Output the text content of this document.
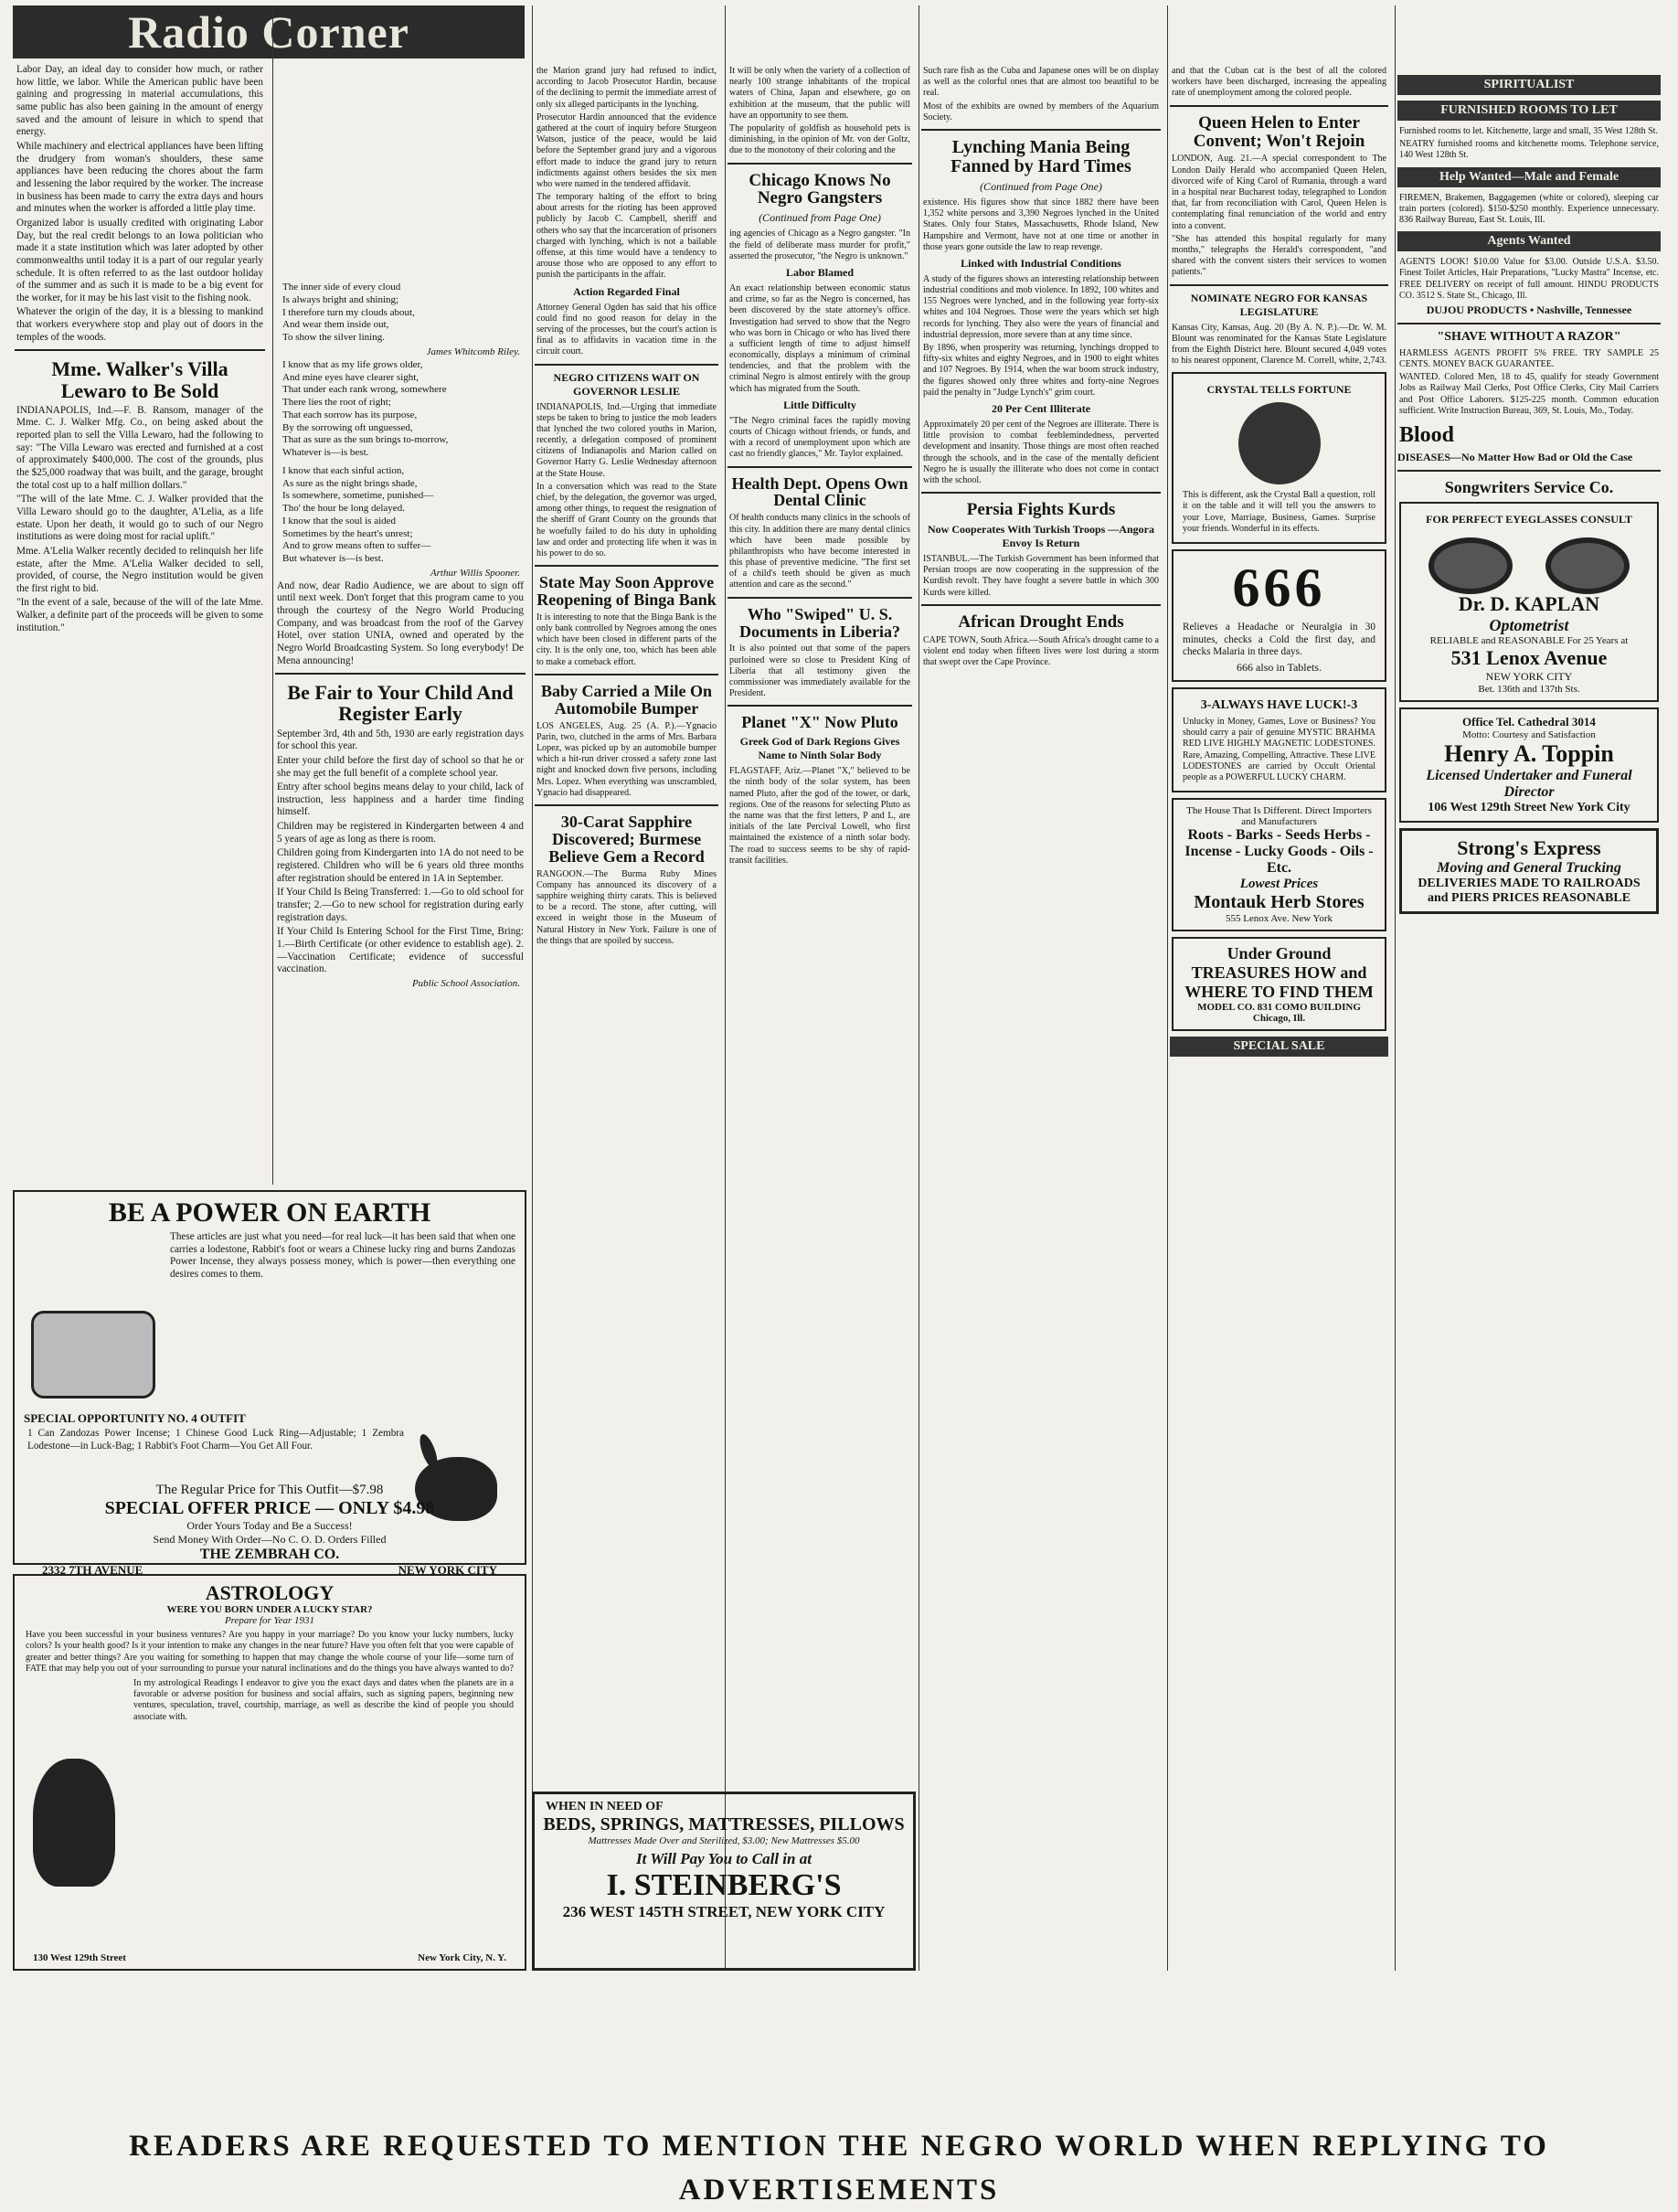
Radio Corner

Labor Day, an ideal day to consider how much, or rather how little, we labor. While the American public have been gaining and progressing in material accumulations, this same public has also been gaining in the amount of energy saved and the amount of leisure in which to spend that energy.

While machinery and electrical appliances have been lifting the drudgery from woman's shoulders, these same appliances have been reducing the chores about the farm and lessening the labor required by the worker. The increase in business has been made to carry the extra days and hours and minutes when the worker is afforded a little play time.

Organized labor is usually credited with originating Labor Day, but the real credit belongs to an Iowa politician who made it a state institution which was later adopted by other commonwealths until today it is a part of our regular yearly schedule. It is often referred to as the last outdoor holiday of the summer and as such it is made to be a big event for the worker, for it may be his last visit to the fishing nook.

Whatever the origin of the day, it is a blessing to mankind that workers everywhere stop and play out of doors in the temples of the woods.

Mme. Walker's Villa Lewaro to Be Sold

INDIANAPOLIS, Ind.—F. B. Ransom, manager of the Mme. C. J. Walker Mfg. Co., on being asked about the reported plan to sell the Villa Lewaro, had the following to say: "The Villa Lewaro was erected and furnished at a cost of approximately $400,000. The cost of the grounds, plus the $25,000 roadway that was built, and the garage, brought the total cost up to a half million dollars."

"The will of the late Mme. C. J. Walker provided that the Villa Lewaro should go to the daughter, A'Lelia, as a life estate. Upon her death, it would go to such of our Negro institutions as were doing most for racial uplift."

Mme. A'Lelia Walker recently decided to relinquish her life estate, after the Mme. A'Lelia Walker decided to sell, provided, of course, the Negro institution would be given the first right to bid.

"In the event of a sale, because of the will of the late Mme. Walker, a definite part of the proceeds will be given to some institution."

The inner side of every cloud
Is always bright and shining;
I therefore turn my clouds about,
And wear them inside out,
To show the silver lining.
James Whitcomb Riley.
I know that as my life grows older,
And mine eyes have clearer sight,
That under each rank wrong, somewhere
There lies the root of right;
That each sorrow has its purpose,
By the sorrowing oft unguessed,
That as sure as the sun brings to-morrow,
Whatever is—is best.
I know that each sinful action,
As sure as the night brings shade,
Is somewhere, sometime, punished—
Tho' the hour be long delayed.
I know that the soul is aided
Sometimes by the heart's unrest;
And to grow means often to suffer—
But whatever is—is best.
Arthur Willis Spooner.

And now, dear Radio Audience, we are about to sign off until next week. Don't forget that this program came to you through the courtesy of the Negro World Producing Company, and was broadcast from the roof of the Garvey Hotel, over station UNIA, owned and operated by the Negro World Broadcasting System. So long everybody! De Mena announcing!

Be Fair to Your Child And Register Early

September 3rd, 4th and 5th, 1930 are early registration days for school this year.

Enter your child before the first day of school so that he or she may get the full benefit of a complete school year.

Entry after school begins means delay to your child, lack of instruction, less happiness and a harder time finding himself.

Children may be registered in Kindergarten between 4 and 5 years of age as long as there is room.

Children going from Kindergarten into 1A do not need to be registered. Children who will be 6 years old three months after registration should be entered in 1A in September.

If Your Child Is Being Transferred: 1.—Go to old school for transfer; 2.—Go to new school for registration during early registration days.

If Your Child Is Entering School for the First Time, Bring: 1.—Birth Certificate (or other evidence to establish age). 2.—Vaccination Certificate; evidence of successful vaccination.

Public School Association.

the Marion grand jury had refused to indict, according to Jacob Prosecutor Hardin, because of the declining to permit the immediate arrest of only six alleged participants in the lynching.

Prosecutor Hardin announced that the evidence gathered at the court of inquiry before Sturgeon Watson, justice of the peace, would be laid before the September grand jury and a vigorous effort made to induce the grand jury to return indictments against others besides the six men who were named in the tendered affidavit.

The temporary halting of the effort to bring about arrests for the rioting has been approved publicly by Jacob C. Campbell, sheriff and others who say that the incarceration of prisoners charged with lynching, which is not a bailable offense, at this time would have a tendency to arouse those who are opposed to any effort to punish the participants in the affair.

Action Regarded Final

Attorney General Ogden has said that his office could find no good reason for delay in the serving of the processes, but the court's action is final as to affidavits in vacation time in the circuit court.

NEGRO CITIZENS WAIT ON GOVERNOR LESLIE

INDIANAPOLIS, Ind.—Urging that immediate steps be taken to bring to justice the mob leaders that lynched the two colored youths in Marion, recently, a delegation composed of prominent citizens of Indianapolis and Marion called on Governor Harry G. Leslie Wednesday afternoon at the State House.

In a conversation which was read to the State chief, by the delegation, the governor was urged, among other things, to request the resignation of the sheriff of Grant County on the grounds that he woefully failed to do his duty in upholding law and order and protecting life when it was in his power to do so.

State May Soon Approve Reopening of Binga Bank

It is interesting to note that the Binga Bank is the only bank controlled by Negroes among the ones which have been closed in different parts of the city. It is the only one, too, which has been able to make a comeback effort.

Baby Carried a Mile On Automobile Bumper

LOS ANGELES, Aug. 25 (A. P.).—Ygnacio Parin, two, clutched in the arms of Mrs. Barbara Lopez, was picked up by an automobile bumper which a hit-run driver crossed a safety zone last night and knocked down five persons, including Mrs. Lopez. When everything was unscrambled, Ygnacio had disappeared.

30-Carat Sapphire Discovered; Burmese Believe Gem a Record

RANGOON.—The Burma Ruby Mines Company has announced its discovery of a sapphire weighing thirty carats. This is believed to be a record. The stone, after cutting, will exceed in weight those in the Museum of Natural History in New York. Failure is one of the things that are spoiled by success.

It will be only when the variety of a collection of nearly 100 strange inhabitants of the tropical waters of China, Japan and elsewhere, go on exhibition at the museum, that the public will have an opportunity to see them.

The popularity of goldfish as household pets is diminishing, in the opinion of Mr. von der Goltz, due to the monotony of their coloring and the

Chicago Knows No Negro Gangsters
(Continued from Page One)

ing agencies of Chicago as a Negro gangster. "In the field of deliberate mass murder for profit," asserted the prosecutor, "the Negro is unknown."

Labor Blamed

An exact relationship between economic status and crime, so far as the Negro is concerned, has been discovered by the state attorney's office. Investigation had served to show that the Negro who was born in Chicago or who has lived there a sufficient length of time to adjust himself economically, displays a minimum of criminal tendencies, and that the problem with the criminal Negro is almost entirely with the group which has migrated from the South.

Little Difficulty

"The Negro criminal faces the rapidly moving courts of Chicago without friends, or funds, and with a record of unemployment upon which are cast no friendly glances," Mr. Taylor explained.

Health Dept. Opens Own Dental Clinic

Of health conducts many clinics in the schools of this city. In addition there are many dental clinics which have been made possible by philanthropists who have become interested in this phase of preventive medicine. "The first set of a child's teeth should be given as much attention and care as the second."

Who "Swiped" U. S. Documents in Liberia?

It is also pointed out that some of the papers purloined were so close to President King of Liberia that all testimony given the commissioner was immediately available for the President.

Planet "X" Now Pluto
Greek God of Dark Regions Gives Name to Ninth Solar Body

FLAGSTAFF, Ariz.—Planet "X," believed to be the ninth body of the solar system, has been named Pluto, after the god of the tower, or dark, regions. One of the reasons for selecting Pluto as the name was that the first letters, P and L, are initials of the late Percival Lowell, who first maintained the existence of a ninth solar body. The road to success seems to be shy of rapid-transit facilities.

Such rare fish as the Cuba and Japanese ones will be on display as well as the colorful ones that are almost too beautiful to be real.

Most of the exhibits are owned by members of the Aquarium Society.

Lynching Mania Being Fanned by Hard Times
(Continued from Page One)

existence. His figures show that since 1882 there have been 1,352 white persons and 3,390 Negroes lynched in the United States. Only four States, Massachusetts, Rhode Island, New Hampshire and Vermont, have not at one time or another in those years gone outside the law to reap revenge.

Linked with Industrial Conditions

A study of the figures shows an interesting relationship between industrial conditions and mob violence. In 1892, 100 whites and 155 Negroes were lynched, and in the following year forty-six whites and 104 Negroes. Those were the years which set high records for lynching. They also were the years of financial and industrial depression, more severe than at any time since.

By 1896, when prosperity was returning, lynchings dropped to fifty-six whites and eighty Negroes, and in 1900 to eight whites and 107 Negroes. By 1914, when the war boom struck industry, the figures showed only three whites and forty-nine Negroes paid the penalty in "Judge Lynch's" grim court.

20 Per Cent Illiterate

Approximately 20 per cent of the Negroes are illiterate. There is little provision to combat feeblemindedness, perverted development and insanity. Those things are most often reached through the schools, and in the case of the mentally deficient Negro he is usually the illiterate who does not come in contact with the school.

Persia Fights Kurds
Now Cooperates With Turkish Troops —Angora Envoy Is Return

ISTANBUL.—The Turkish Government has been informed that Persian troops are now cooperating in the suppression of the Kurdish revolt. They have fought a severe battle in which 300 Kurds were killed.

African Drought Ends

CAPE TOWN, South Africa.—South Africa's drought came to a violent end today when fifteen lives were lost during a storm that swept over the Cape Province.

and that the Cuban cat is the best of all the colored workers have been discharged, increasing the appealing rate of unemployment among the colored people.

Queen Helen to Enter Convent; Won't Rejoin

LONDON, Aug. 21.—A special correspondent to The London Daily Herald who accompanied Queen Helen, divorced wife of King Carol of Rumania, through a ward in a hospital near Bucharest today, telegraphed to London that, far from reconciliation with Carol, Queen Helen is contemplating final renunciation of the world and entry into a convent.

"She has attended this hospital regularly for many months," telegraphs the Herald's correspondent, "and shared with the convent sisters their services to women patients."

NOMINATE NEGRO FOR KANSAS LEGISLATURE

Kansas City, Kansas, Aug. 20 (By A. N. P.).—Dr. W. M. Blount was renominated for the Kansas State Legislature from the Eighth District here. Blount secured 4,049 votes to his nearest opponent, Clarence M. Correll, white, 2,743.

CRYSTAL TELLS FORTUNE

This is different, ask the Crystal Ball a question, roll it on the table and it will tell you the answers to your Love, Marriage, Business, Games. Surprise your friends. Wonderful in its effects.

666

Relieves a Headache or Neuralgia in 30 minutes, checks a Cold the first day, and checks Malaria in three days.

666 also in Tablets.
3-ALWAYS HAVE LUCK!-3

Unlucky in Money, Games, Love or Business? You should carry a pair of genuine MYSTIC BRAHMA RED LIVE HIGHLY MAGNETIC LODESTONES. Rare, Amazing, Compelling, Attractive. These LIVE LODESTONES are carried by Occult Oriental people as a POWERFUL LUCKY CHARM.

The House That Is Different. Direct Importers and Manufacturers
Roots - Barks - Seeds Herbs - Incense - Lucky Goods - Oils - Etc.
Lowest Prices
Montauk Herb Stores
555 Lenox Ave. New York
Under Ground TREASURES HOW and WHERE TO FIND THEM
MODEL CO. 831 COMO BUILDING Chicago, Ill.
SPECIAL SALE
SPIRITUALIST
FURNISHED ROOMS TO LET

Furnished rooms to let. Kitchenette, large and small, 35 West 128th St.

NEATRY furnished rooms and kitchenette rooms. Telephone service, 140 West 128th St.

Help Wanted—Male and Female

FIREMEN, Brakemen, Baggagemen (white or colored), sleeping car train porters (colored). $150-$250 monthly. Experience unnecessary. 836 Railway Bureau, East St. Louis, Ill.

Agents Wanted

AGENTS LOOK! $10.00 Value for $3.00. Outside U.S.A. $3.50. Finest Toilet Articles, Hair Preparations, "Lucky Mastra" Incense, etc. FREE DELIVERY on receipt of full amount. HINDU PRODUCTS CO. 3512 S. State St., Chicago, Ill.

DUJOU PRODUCTS • Nashville, Tennessee
"SHAVE WITHOUT A RAZOR"

HARMLESS AGENTS PROFIT 5% FREE. TRY SAMPLE 25 CENTS. MONEY BACK GUARANTEE.

WANTED. Colored Men, 18 to 45, qualify for steady Government Jobs as Railway Mail Clerks, Post Office Clerks, City Mail Carriers and Post Office Laborers. $125-225 month. Common education sufficient. Write Instruction Bureau, 369, St. Louis, Mo., Today.

Blood
DISEASES—No Matter How Bad or Old the Case
Songwriters Service Co.
FOR PERFECT EYEGLASSES CONSULT
Dr. D. KAPLAN
Optometrist
RELIABLE and REASONABLE For 25 Years at
531 Lenox Avenue
NEW YORK CITY
Bet. 136th and 137th Sts.
Office Tel. Cathedral 3014
Motto: Courtesy and Satisfaction
Henry A. Toppin
Licensed Undertaker and Funeral Director
106 West 129th Street New York City
Strong's Express
Moving and General Trucking
DELIVERIES MADE TO RAILROADS and PIERS PRICES REASONABLE
BE A POWER ON EARTH

These articles are just what you need—for real luck—it has been said that when one carries a lodestone, Rabbit's foot or wears a Chinese lucky ring and burns Zandozas Power Incense, they always possess money, which is power—then everything one desires comes to them.

SPECIAL OPPORTUNITY NO. 4 OUTFIT

1 Can Zandozas Power Incense; 1 Chinese Good Luck Ring—Adjustable; 1 Zembra Lodestone—in Luck-Bag; 1 Rabbit's Foot Charm—You Get All Four.

The Regular Price for This Outfit—$7.98
SPECIAL OFFER PRICE — ONLY $4.98
Order Yours Today and Be a Success!
Send Money With Order—No C. O. D. Orders Filled
THE ZEMBRAH CO.
2332 7TH AVENUE	NEW YORK CITY
ASTROLOGY
WERE YOU BORN UNDER A LUCKY STAR?
Prepare for Year 1931

Have you been successful in your business ventures? Are you happy in your marriage? Do you know your lucky numbers, lucky colors? Is your health good? Is it your intention to make any changes in the near future? Have you often felt that you were capable of greater and better things? Are you waiting for something to happen that may change the whole course of your life—some turn of FATE that may help you out of your surrounding to pursue your natural inclinations and do the things you have always wanted to do?

In my astrological Readings I endeavor to give you the exact days and dates when the planets are in a favorable or adverse position for business and social affairs, such as signing papers, beginning new ventures, speculation, travel, courtship, marriage, as well as describe the kind of people you should associate with.

130 West 129th Street	New York City, N. Y.
WHEN IN NEED OF
BEDS, SPRINGS, MATTRESSES, PILLOWS
Mattresses Made Over and Sterilized, $3.00; New Mattresses $5.00
It Will Pay You to Call in at
I. STEINBERG'S
236 WEST 145TH STREET, NEW YORK CITY
READERS ARE REQUESTED TO MENTION THE NEGRO WORLD WHEN REPLYING TO ADVERTISEMENTS
